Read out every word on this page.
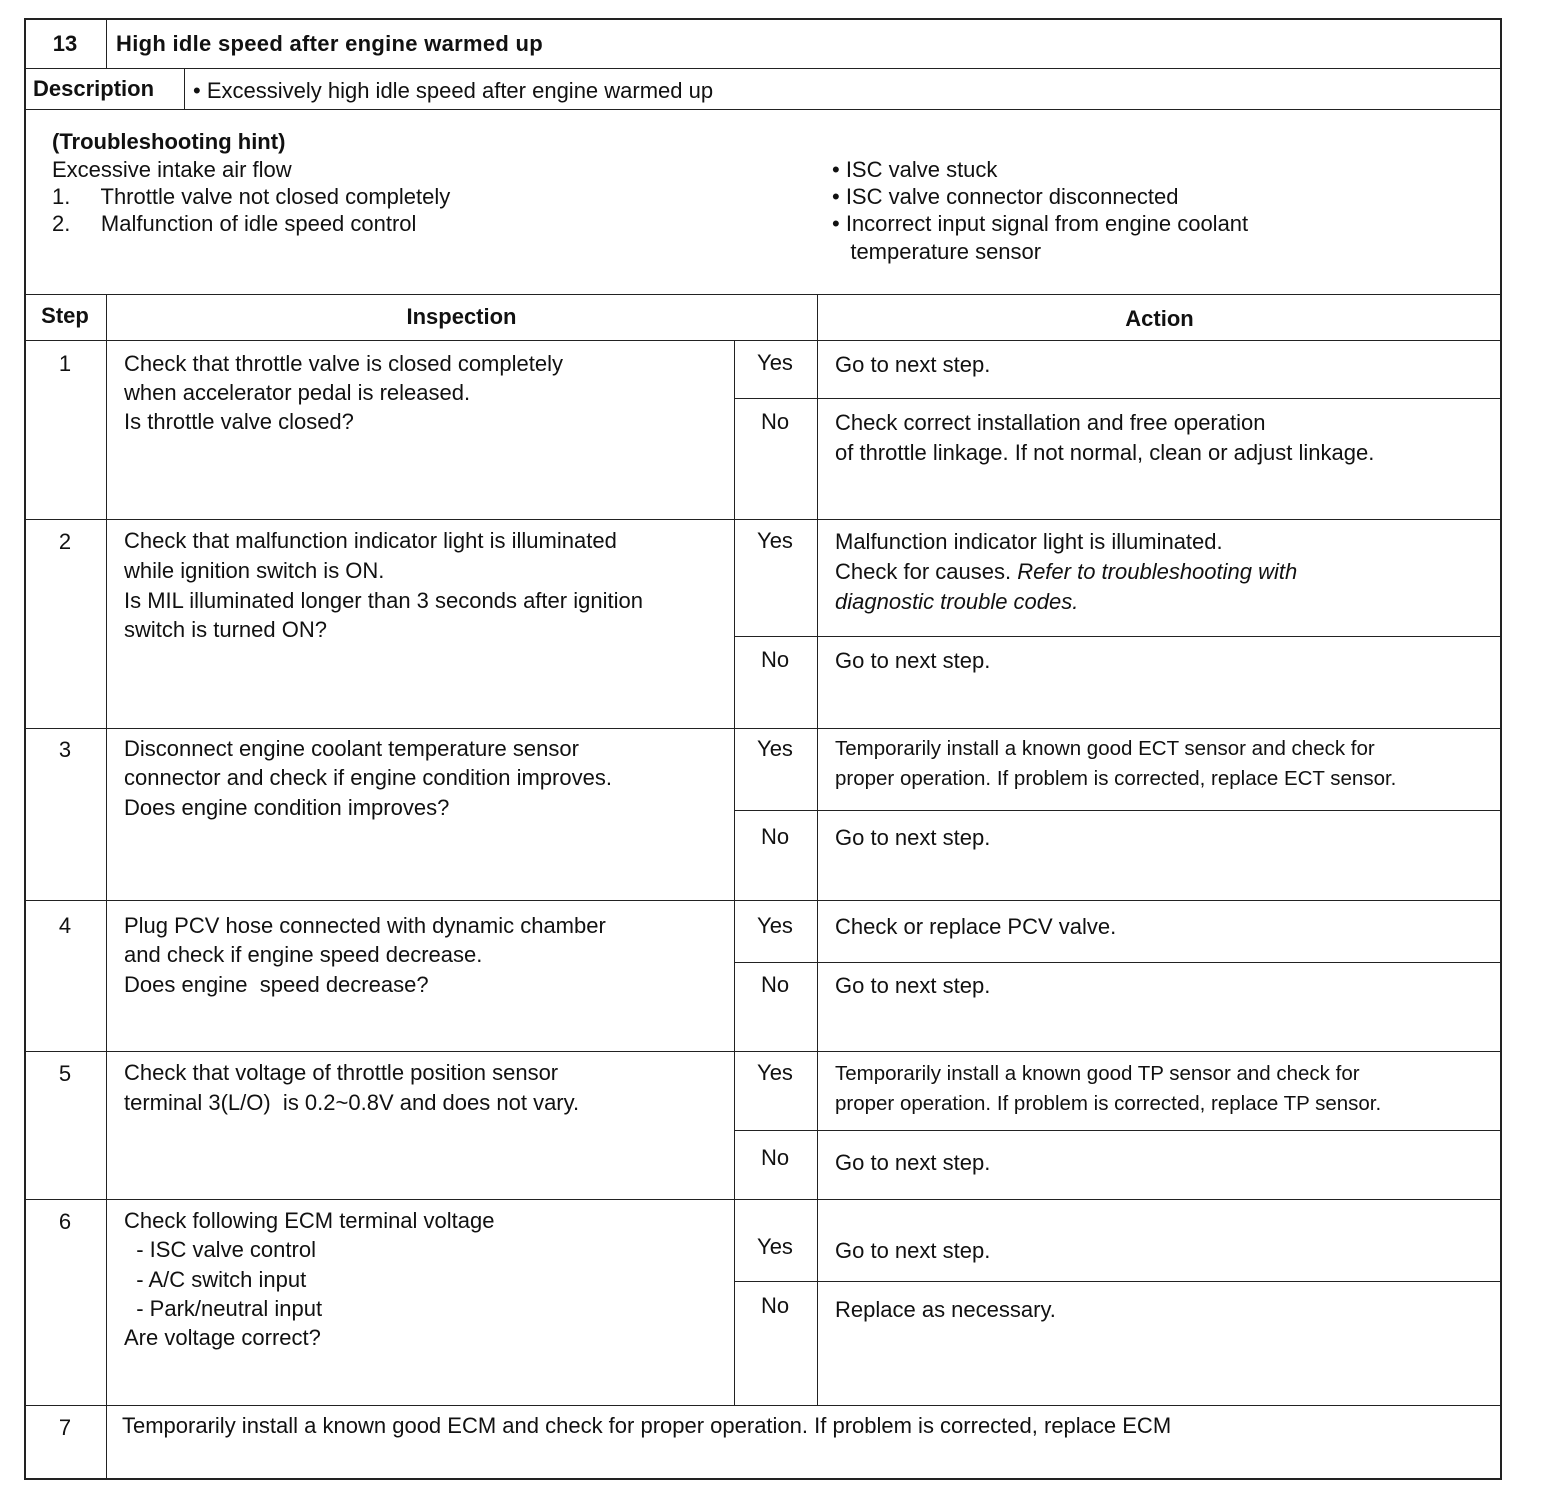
13	High idle speed after engine warmed up
Description • Excessively high idle speed after engine warmed up
(Troubleshooting hint)
Excessive intake air flow
1.     Throttle valve not closed completely
2.     Malfunction of idle speed control
• ISC valve stuck
• ISC valve connector disconnected
• Incorrect input signal from engine coolant
temperature sensor
Step	Inspection	Action
1	Check that throttle valve is closed completely
when accelerator pedal is released.
Is throttle valve closed?
Yes	Go to next step.
No	Check correct installation and free operation
of throttle linkage. If not normal, clean or adjust linkage.
2	Check that malfunction indicator light is illuminated
while ignition switch is ON.
Is MIL illuminated longer than 3 seconds after ignition
switch is turned ON?
Yes	Malfunction indicator light is illuminated.
Check for causes. Refer to troubleshooting with
diagnostic trouble codes.
No	Go to next step.
3	Disconnect engine coolant temperature sensor
connector and check if engine condition improves.
Does engine condition improves?
Yes	Temporarily install a known good ECT sensor and check for
proper operation. If problem is corrected, replace ECT sensor.
No	Go to next step.
4	Plug PCV hose connected with dynamic chamber
and check if engine speed decrease.
Does engine  speed decrease?
Yes	Check or replace PCV valve.
No	Go to next step.
5	Check that voltage of throttle position sensor
terminal 3(L/O)  is 0.2~0.8V and does not vary.
Yes	Temporarily install a known good TP sensor and check for
proper operation. If problem is corrected, replace TP sensor.
No	Go to next step.
6	Check following ECM terminal voltage
- ISC valve control
- A/C switch input
- Park/neutral input
Are voltage correct?
Yes	Go to next step.
No	Replace as necessary.
7	Temporarily install a known good ECM and check for proper operation. If problem is corrected, replace ECM
